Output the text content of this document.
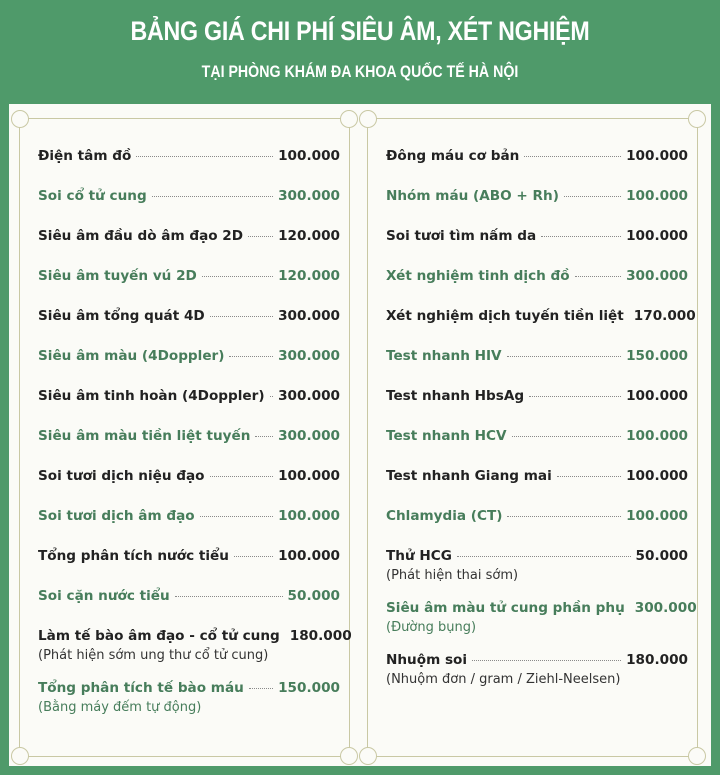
BẢNG GIÁ CHI PHÍ SIÊU ÂM, XÉT NGHIỆM
TẠI PHÒNG KHÁM ĐA KHOA QUỐC TẾ HÀ NỘI
Điện tâm đồ	100.000
Soi cổ tử cung	300.000
Siêu âm đầu dò âm đạo 2D	120.000
Siêu âm tuyến vú 2D	120.000
Siêu âm tổng quát 4D	300.000
Siêu âm màu (4Doppler)	300.000
Siêu âm tinh hoàn (4Doppler) 300.000
Siêu âm màu tiền liệt tuyến 300.000
Soi tươi dịch niệu đạo	100.000
Soi tươi dịch âm đạo	100.000
Tổng phân tích nước tiểu	100.000
Soi cặn nước tiểu	50.000
Làm tế bào âm đạo - cổ tử cung 180.000
(Phát hiện sớm ung thư cổ tử cung)
Tổng phân tích tế bào máu	150.000
(Bằng máy đếm tự động)
Đông máu cơ bản	100.000
Nhóm máu (ABO + Rh)	100.000
Soi tươi tìm nấm da	100.000
Xét nghiệm tinh dịch đồ	300.000
Xét nghiệm dịch tuyến tiền liệt 170.000
Test nhanh HIV	150.000
Test nhanh HbsAg	100.000
Test nhanh HCV	100.000
Test nhanh Giang mai	100.000
Chlamydia (CT)	100.000
Thử HCG	50.000
(Phát hiện thai sớm)
Siêu âm màu tử cung phần phụ 300.000
(Đường bụng)
Nhuộm soi	180.000
(Nhuộm đơn / gram / Ziehl-Neelsen)
